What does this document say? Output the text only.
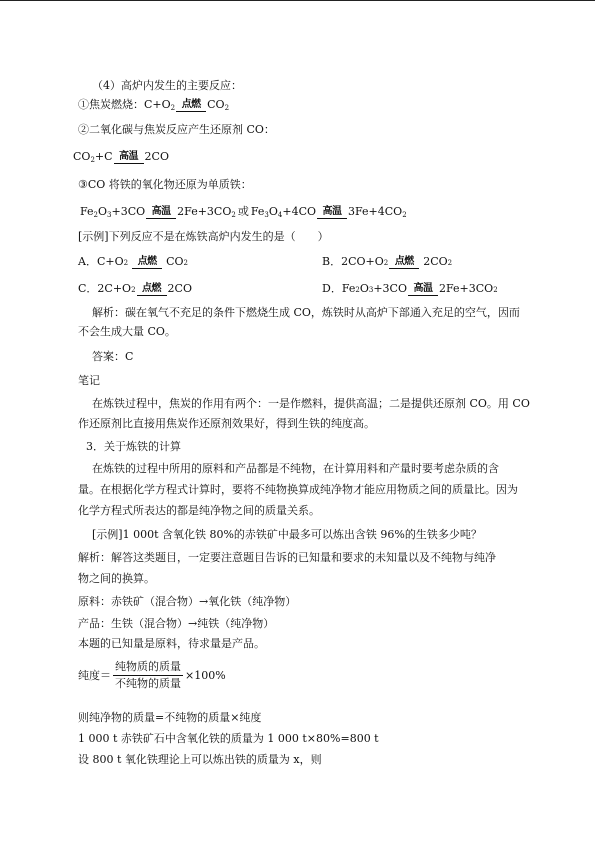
（4）高炉内发生的主要反应：
①焦炭燃烧： $C+O_2$ 点燃 $CO_2$
②二氧化碳与焦炭反应产生还原剂 CO：
$CO_2+C$ 高温 2CO
③CO 将铁的氧化物还原为单质铁：
$Fe_2O_3+3CO$ 高温 $2Fe+3CO_2$ 或 $Fe_3O_4+4CO$ 高温 $3Fe+4CO_2$
[示例]下列反应不是在炼铁高炉内发生的是（　　）
A．C+O 2 点燃 CO 2	B．2CO+O 2 点燃 2CO 2
C．2C+O 2 点燃 2CO	D．Fe 2 O 3 +3CO 高温 2Fe+3CO 2
解析：碳在氧气不充足的条件下燃烧生成 CO，炼铁时从高炉下部通入充足的空气，因而
不会生成大量 CO。
答案：C
笔记
在炼铁过程中，焦炭的作用有两个：一是作燃料，提供高温；二是提供还原剂 CO。用 CO
作还原剂比直接用焦炭作还原剂效果好，得到生铁的纯度高。
3．关于炼铁的计算
在炼铁的过程中所用的原料和产品都是不纯物，在计算用料和产量时要考虑杂质的含
量。在根据化学方程式计算时，要将不纯物换算成纯净物才能应用物质之间的质量比。因为
化学方程式所表达的都是纯净物之间的质量关系。
[示例]1 000t 含氧化铁 80%的赤铁矿中最多可以炼出含铁 96%的生铁多少吨？
解析：解答这类题目，一定要注意题目告诉的已知量和要求的未知量以及不纯物与纯净
物之间的换算。
原料：赤铁矿（混合物）→氧化铁（纯净物）
产品：生铁（混合物）→纯铁（纯净物）
本题的已知量是原料，待求量是产品。
纯度＝ $\frac{\text{纯物质的质量}}{\text{不纯物的质量}} \times 100\%$
则纯净物的质量=不纯物的质量×纯度
1 000 t 赤铁矿石中含氧化铁的质量为 1 000 t×80%=800 t
设 800 t 氧化铁理论上可以炼出铁的质量为 x，则
